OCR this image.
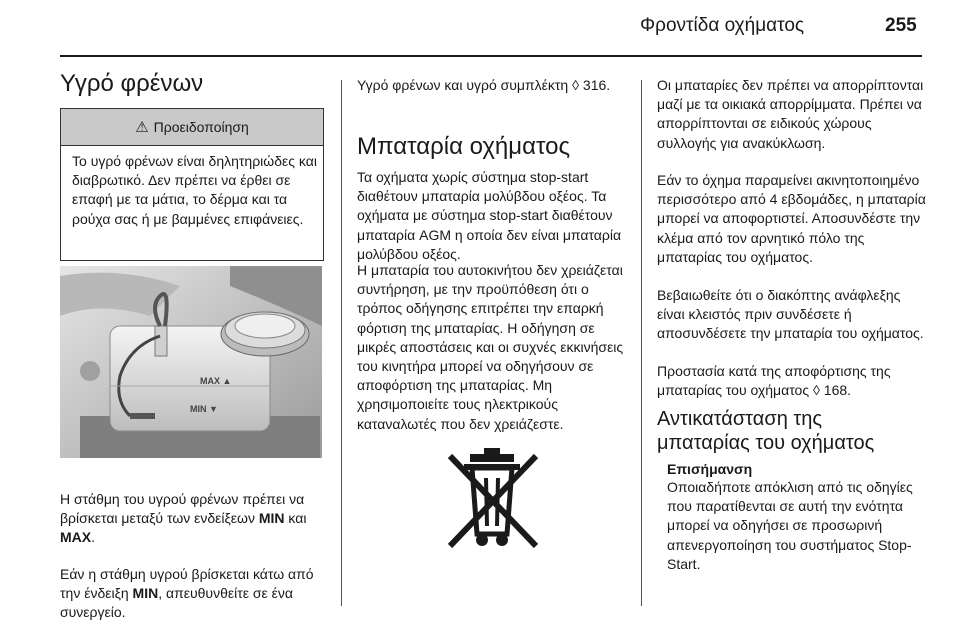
Φροντίδα οχήματος	255
Υγρό φρένων
⚠ Προειδοποίηση
Το υγρό φρένων είναι δηλητηριώδες και διαβρωτικό. Δεν πρέπει να έρθει σε επαφή με τα μάτια, το δέρμα και τα ρούχα σας ή με βαμμένες επιφάνειες.
MAX ▲
MIN ▼

Η στάθμη του υγρού φρένων πρέπει να βρίσκεται μεταξύ των ενδείξεων MIN και MAX.

Εάν η στάθμη υγρού βρίσκεται κάτω από την ένδειξη MIN, απευθυνθείτε σε ένα συνεργείο.

Υγρό φρένων και υγρό συμπλέκτη ◊ 316.

Μπαταρία οχήματος

Τα οχήματα χωρίς σύστημα stop-start διαθέτουν μπαταρία μολύβδου οξέος. Τα οχήματα με σύστημα stop-start διαθέτουν μπαταρία AGM η οποία δεν είναι μπαταρία μολύβδου οξέος.

Η μπαταρία του αυτοκινήτου δεν χρειάζεται συντήρηση, με την προϋπόθεση ότι ο τρόπος οδήγησης επιτρέπει την επαρκή φόρτιση της μπαταρίας. Η οδήγηση σε μικρές αποστάσεις και οι συχνές εκκινήσεις του κινητήρα μπορεί να οδηγήσουν σε αποφόρτιση της μπαταρίας. Μη χρησιμοποιείτε τους ηλεκτρικούς καταναλωτές που δεν χρειάζεστε.

Οι μπαταρίες δεν πρέπει να απορρίπτονται μαζί με τα οικιακά απορρίμματα. Πρέπει να απορρίπτονται σε ειδικούς χώρους συλλογής για ανακύκλωση.

Εάν το όχημα παραμείνει ακινητοποιημένο περισσότερο από 4 εβδομάδες, η μπαταρία μπορεί να αποφορτιστεί. Αποσυνδέστε την κλέμα από τον αρνητικό πόλο της μπαταρίας του οχήματος.

Βεβαιωθείτε ότι ο διακόπτης ανάφλεξης είναι κλειστός πριν συνδέσετε ή αποσυνδέσετε την μπαταρία του οχήματος.

Προστασία κατά της αποφόρτισης της μπαταρίας του οχήματος ◊ 168.

Αντικατάσταση της μπαταρίας του οχήματος

Επισήμανση

Οποιαδήποτε απόκλιση από τις οδηγίες που παρατίθενται σε αυτή την ενότητα μπορεί να οδηγήσει σε προσωρινή απενεργοποίηση του συστήματος Stop-Start.
